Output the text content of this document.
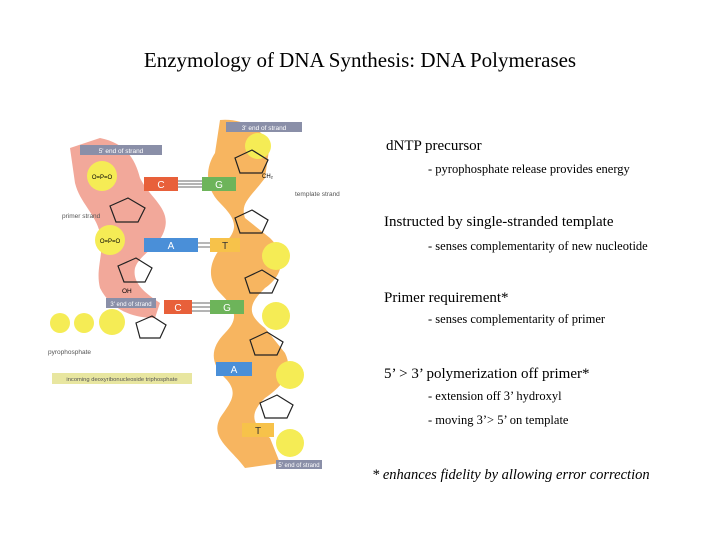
Enzymology of DNA Synthesis: DNA Polymerases
3' end of strand
5' end of strand
O=P=O
O=P=O
primer strand
template strand
OH
CH₂
3' end of strand
pyrophosphate
C	G
A	T
C	G
A
incoming deoxyribonucleoside triphosphate
T
5' end of strand
dNTP precursor
- pyrophosphate release provides energy
Instructed by single-stranded template
- senses complementarity of new nucleotide
Primer requirement*
- senses complementarity of primer
5’ > 3’ polymerization off primer*
- extension off 3’ hydroxyl
- moving 3’> 5’ on template
* enhances fidelity by allowing error correction
